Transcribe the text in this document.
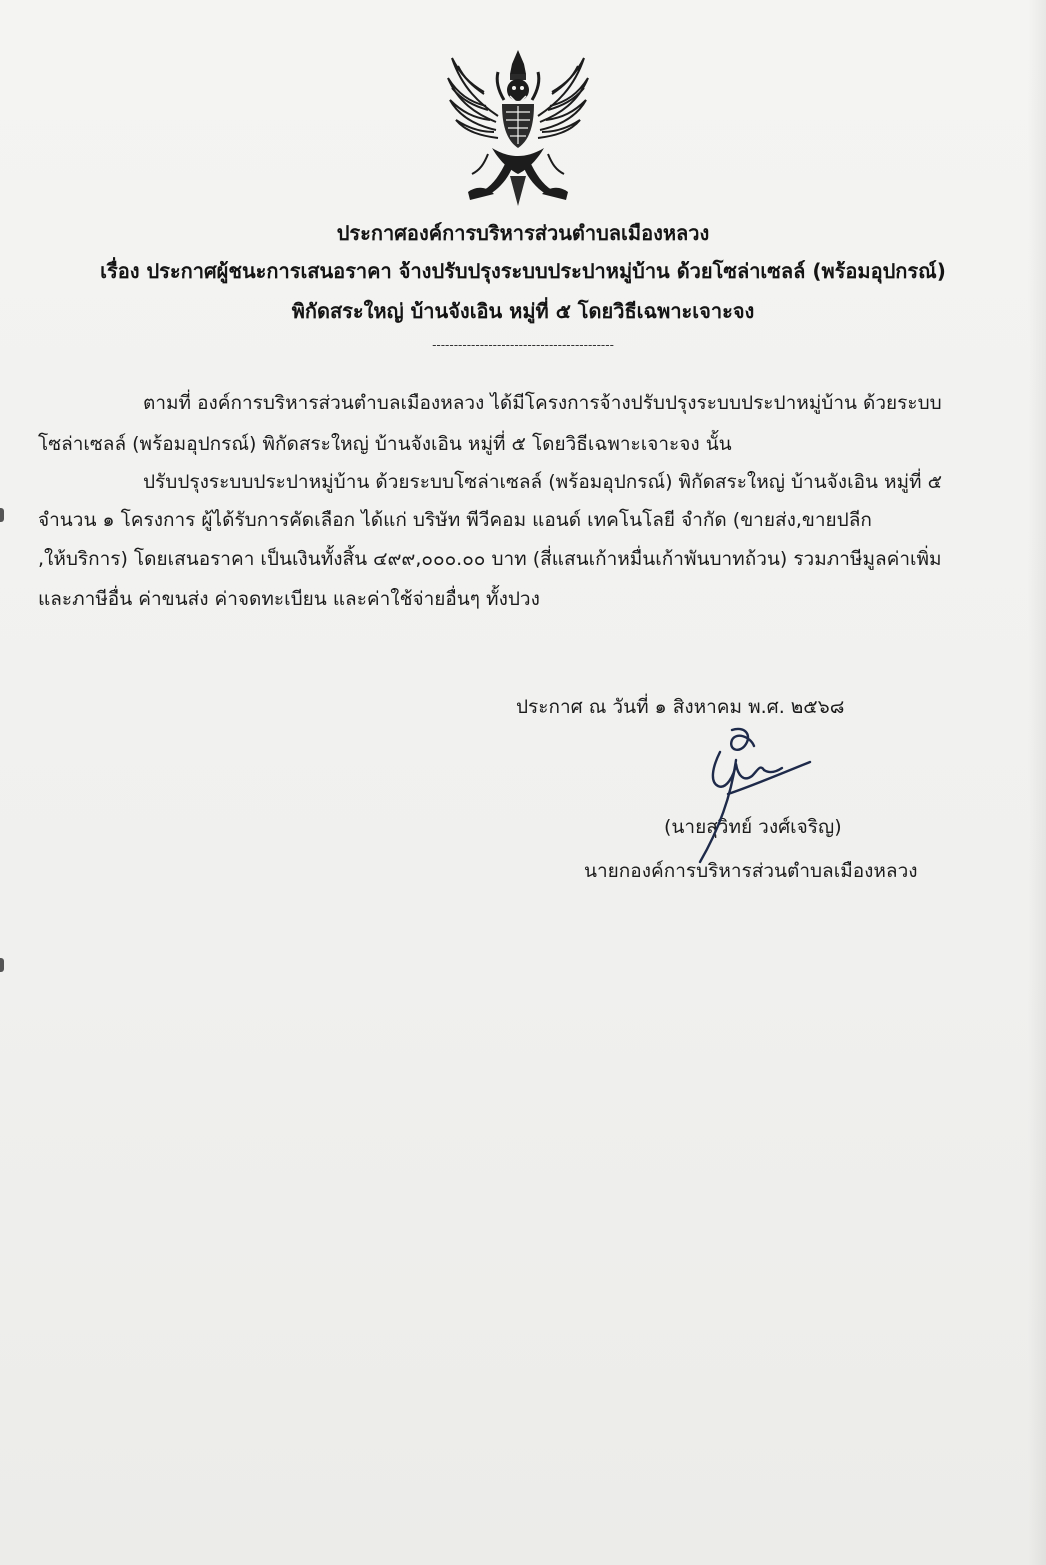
ประกาศองค์การบริหารส่วนตำบลเมืองหลวง
เรื่อง ประกาศผู้ชนะการเสนอราคา จ้างปรับปรุงระบบประปาหมู่บ้าน ด้วยโซล่าเซลล์ (พร้อมอุปกรณ์)
พิกัดสระใหญ่ บ้านจังเอิน หมู่ที่ ๕ โดยวิธีเฉพาะเจาะจง
------------------------------------------
ตามที่ องค์การบริหารส่วนตำบลเมืองหลวง ได้มีโครงการจ้างปรับปรุงระบบประปาหมู่บ้าน ด้วยระบบ
โซล่าเซลล์ (พร้อมอุปกรณ์) พิกัดสระใหญ่ บ้านจังเอิน หมู่ที่ ๕ โดยวิธีเฉพาะเจาะจง นั้น
ปรับปรุงระบบประปาหมู่บ้าน ด้วยระบบโซล่าเซลล์ (พร้อมอุปกรณ์) พิกัดสระใหญ่ บ้านจังเอิน หมู่ที่ ๕
จำนวน ๑ โครงการ ผู้ได้รับการคัดเลือก ได้แก่ บริษัท พีวีคอม แอนด์ เทคโนโลยี จำกัด (ขายส่ง,ขายปลีก
,ให้บริการ) โดยเสนอราคา เป็นเงินทั้งสิ้น ๔๙๙,๐๐๐.๐๐ บาท (สี่แสนเก้าหมื่นเก้าพันบาทถ้วน) รวมภาษีมูลค่าเพิ่ม
และภาษีอื่น ค่าขนส่ง ค่าจดทะเบียน และค่าใช้จ่ายอื่นๆ ทั้งปวง
ประกาศ ณ วันที่ ๑ สิงหาคม พ.ศ. ๒๕๖๘
(นายสุวิทย์ วงศ์เจริญ)
นายกองค์การบริหารส่วนตำบลเมืองหลวง
